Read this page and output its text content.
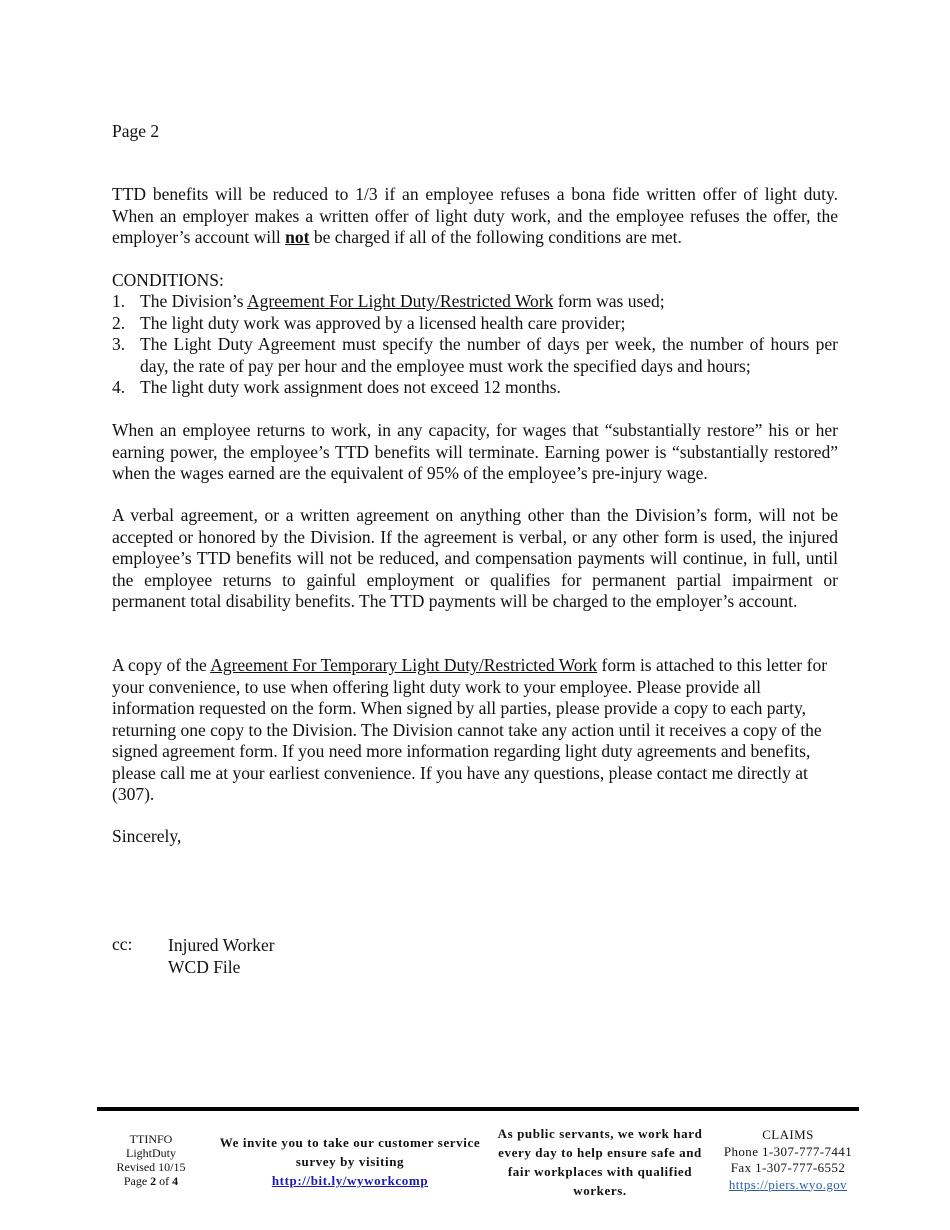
Page 2
TTD benefits will be reduced to 1/3 if an employee refuses a bona fide written offer of light duty. When an employer makes a written offer of light duty work, and the employee refuses the offer, the employer’s account will not be charged if all of the following conditions are met.
CONDITIONS:
1. The Division’s Agreement For Light Duty/Restricted Work form was used;
2. The light duty work was approved by a licensed health care provider;
3. The Light Duty Agreement must specify the number of days per week, the number of hours per day, the rate of pay per hour and the employee must work the specified days and hours;
4. The light duty work assignment does not exceed 12 months.
When an employee returns to work, in any capacity, for wages that “substantially restore” his or her earning power, the employee’s TTD benefits will terminate. Earning power is “substantially restored” when the wages earned are the equivalent of 95% of the employee’s pre-injury wage.
A verbal agreement, or a written agreement on anything other than the Division’s form, will not be accepted or honored by the Division. If the agreement is verbal, or any other form is used, the injured employee’s TTD benefits will not be reduced, and compensation payments will continue, in full, until the employee returns to gainful employment or qualifies for permanent partial impairment or permanent total disability benefits. The TTD payments will be charged to the employer’s account.
A copy of the Agreement For Temporary Light Duty/Restricted Work form is attached to this letter for your convenience, to use when offering light duty work to your employee. Please provide all information requested on the form. When signed by all parties, please provide a copy to each party, returning one copy to the Division. The Division cannot take any action until it receives a copy of the signed agreement form. If you need more information regarding light duty agreements and benefits, please call me at your earliest convenience. If you have any questions, please contact me directly at (307).
Sincerely,
cc: Injured Worker
WCD File
TTINFO
LightDuty
Revised 10/15
Page 2 of 4
We invite you to take our customer service survey by visiting
http://bit.ly/wyworkcomp
As public servants, we work hard every day to help ensure safe and fair workplaces with qualified workers.
CLAIMS
Phone 1-307-777-7441
Fax 1-307-777-6552
https://piers.wyo.gov
